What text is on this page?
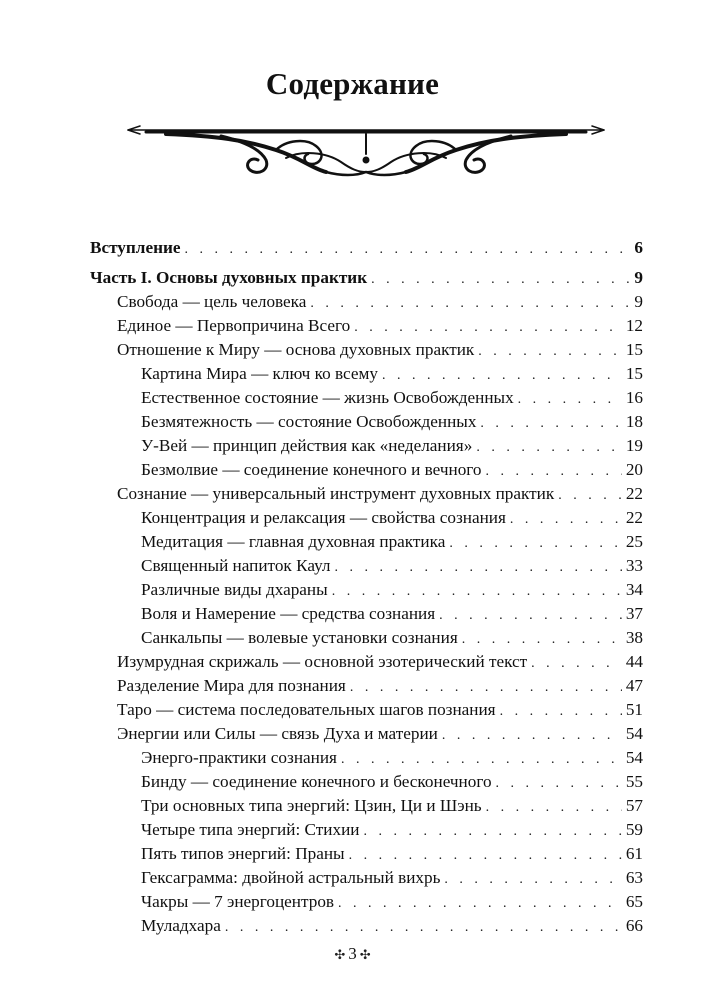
Содержание
Вступление . . .	6
Часть I. Основы духовных практик . . .	9
Свобода — цель человека . . .	9
Единое — Первопричина Всего . . .	12
Отношение к Миру — основа духовных практик . . .	15
Картина Мира — ключ ко всему . . .	15
Естественное состояние — жизнь Освобожденных . . .	16
Безмятежность — состояние Освобожденных . . .	18
У-Вей — принцип действия как «неделания» . . .	19
Безмолвие — соединение конечного и вечного . . .	20
Сознание — универсальный инструмент духовных практик . . .	22
Концентрация и релаксация — свойства сознания . . .	22
Медитация — главная духовная практика . . .	25
Священный напиток Каул . . .	33
Различные виды дхараны . . .	34
Воля и Намерение — средства сознания . . .	37
Санкальпы — волевые установки сознания . . .	38
Изумрудная скрижаль — основной эзотерический текст . . .	44
Разделение Мира для познания . . .	47
Таро — система последовательных шагов познания . . .	51
Энергии или Силы — связь Духа и материи . . .	54
Энерго-практики сознания . . .	54
Бинду — соединение конечного и бесконечного . . .	55
Три основных типа энергий: Цзин, Ци и Шэнь . . .	57
Четыре типа энергий: Стихии . . .	59
Пять типов энергий: Праны . . .	61
Гексаграмма: двойной астральный вихрь . . .	63
Чакры — 7 энергоцентров . . .	65
Муладхара . . .	66
✣ 3 ✣
